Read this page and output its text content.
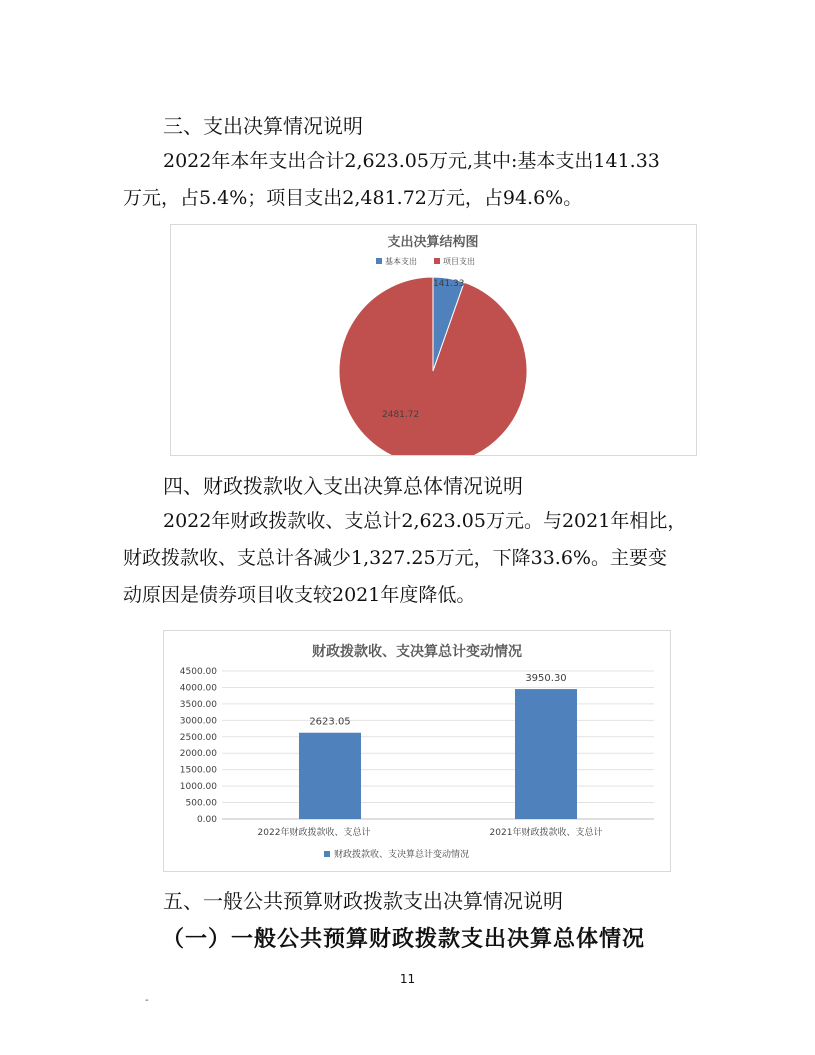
三、支出决算情况说明
2022年本年支出合计2,623.05万元,其中:基本支出141.33
万元，占5.4%；项目支出2,481.72万元，占94.6%。
支出决算结构图
基本支出	项目支出
141.33
2481.72
四、财政拨款收入支出决算总体情况说明
2022年财政拨款收、支总计2,623.05万元。与2021年相比，
财政拨款收、支总计各减少1,327.25万元，下降33.6%。主要变
动原因是债券项目收支较2021年度降低。
财政拨款收、支决算总计变动情况
0.00
500.00
1000.00
1500.00
2000.00
2500.00
3000.00
3500.00
4000.00
4500.00
2623.05
3950.30
2022年财政拨款收、支总计	2021年财政拨款收、支总计
财政拨款收、支决算总计变动情况
五、一般公共预算财政拨款支出决算情况说明
（一）一般公共预算财政拨款支出决算总体情况
11
-
